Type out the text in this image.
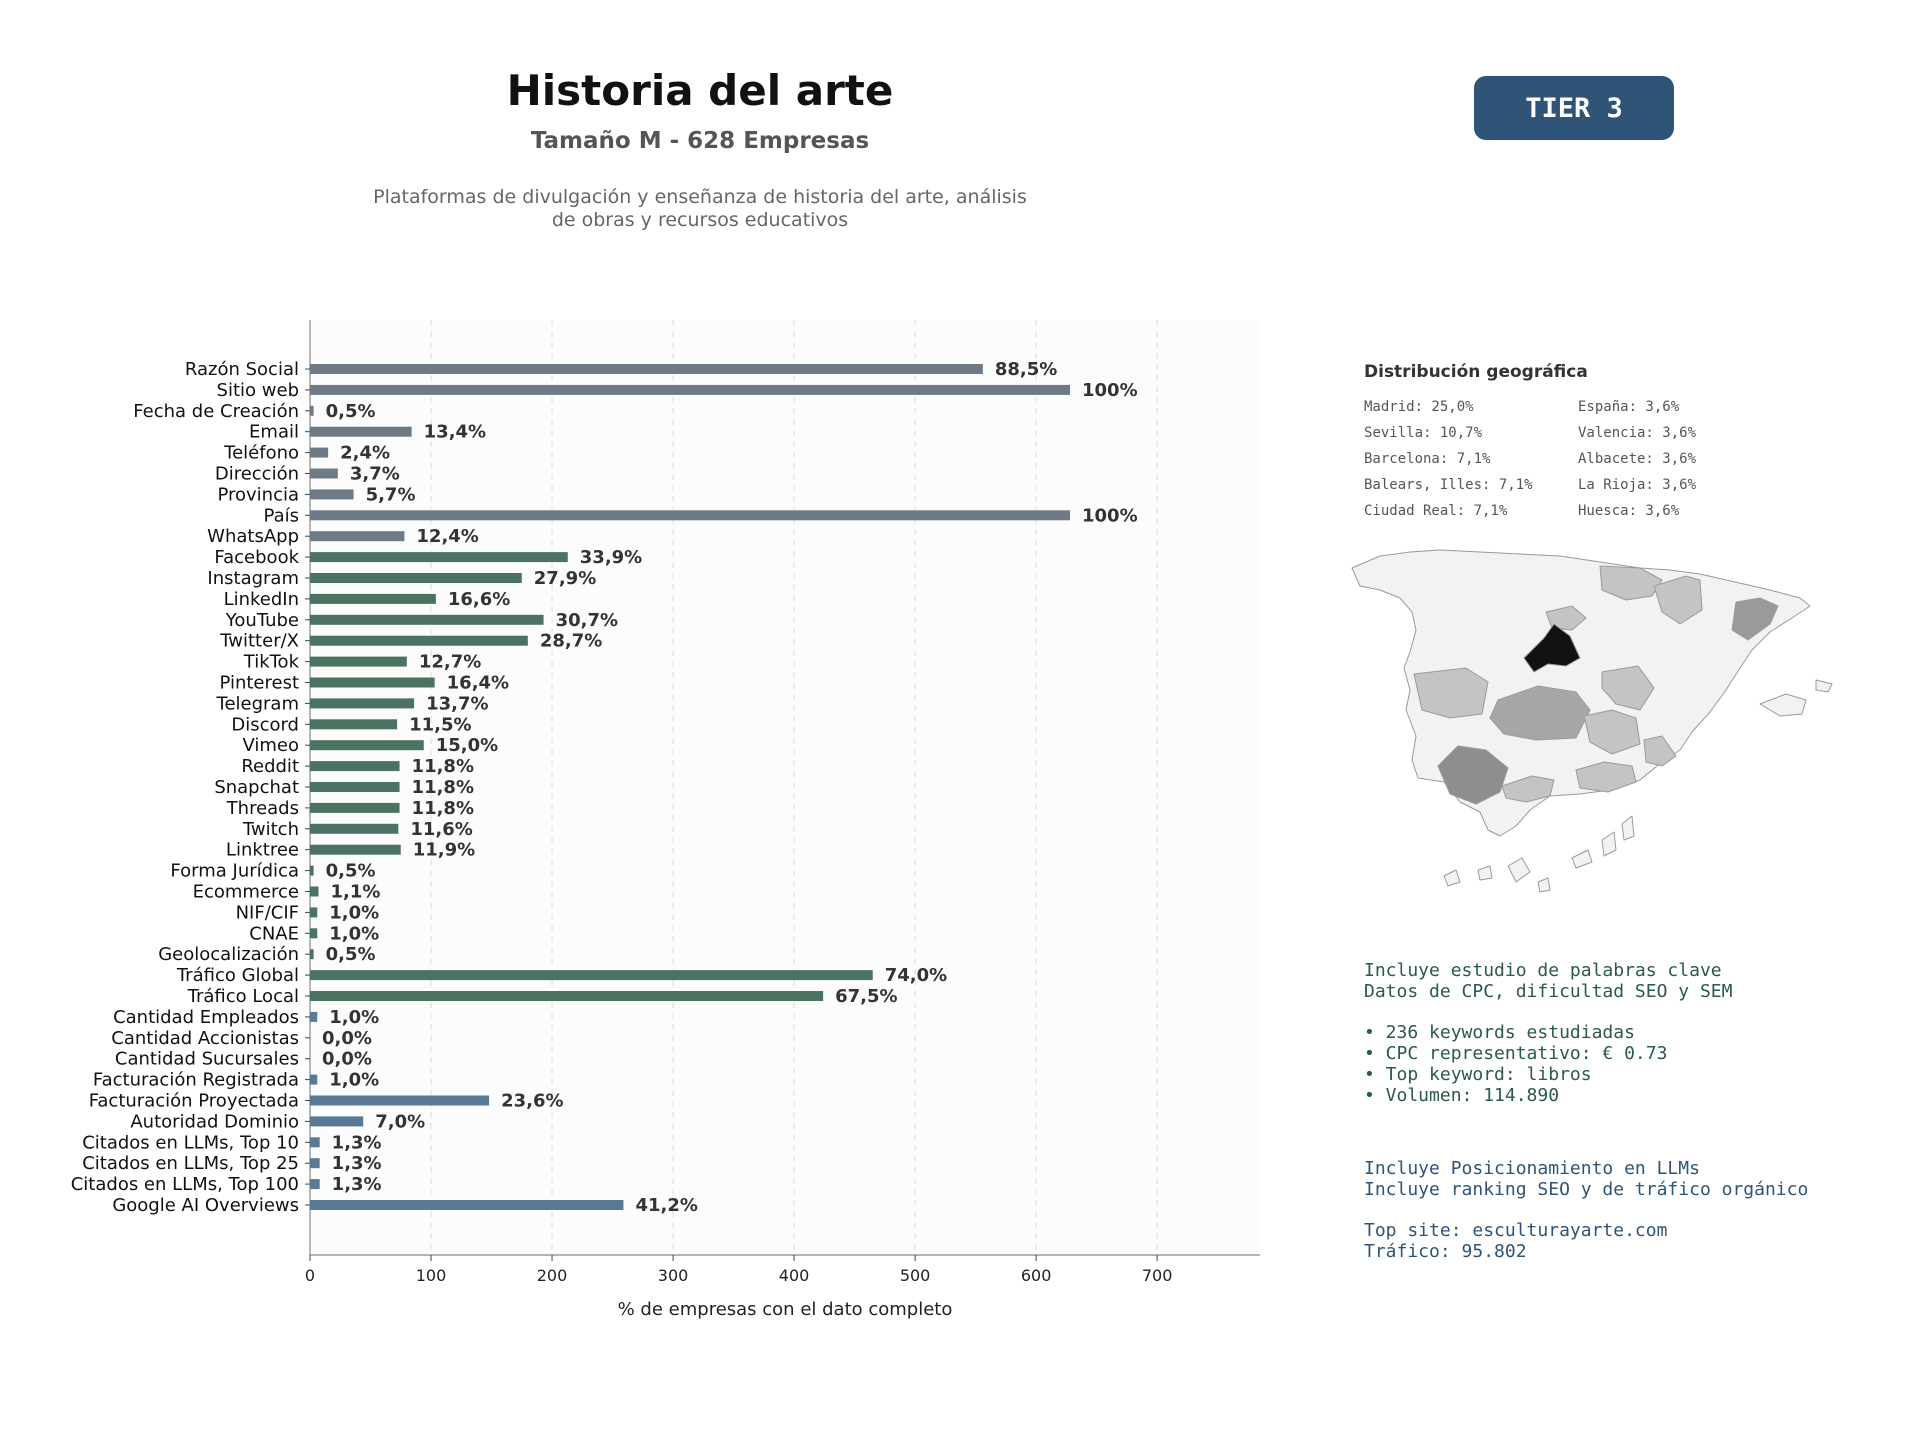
Historia del arte
Tamaño M - 628 Empresas
Plataformas de divulgación y enseñanza de historia del arte, análisis
de obras y recursos educativos
TIER 3
0	100	200	300	400	500	600	700
% de empresas con el dato completo
Razón Social	88,5%
Sitio web	100%
Fecha de Creación 0,5%
Email	13,4%
Teléfono 2,4%
Dirección	3,7%
Provincia	5,7%
País	100%
WhatsApp	12,4%
Facebook	33,9%
Instagram	27,9%
LinkedIn	16,6%
YouTube	30,7%
Twitter/X	28,7%
TikTok	12,7%
Pinterest	16,4%
Telegram	13,7%
Discord	11,5%
Vimeo	15,0%
Reddit	11,8%
Snapchat	11,8%
Threads	11,8%
Twitch	11,6%
Linktree	11,9%
Forma Jurídica 0,5%
Ecommerce 1,1%
NIF/CIF 1,0%
CNAE 1,0%
Geolocalización 0,5%
Tráfico Global	74,0%
Tráfico Local	67,5%
Cantidad Empleados 1,0%
Cantidad Accionistas 0,0%
Cantidad Sucursales 0,0%
Facturación Registrada 1,0%
Facturación Proyectada	23,6%
Autoridad Dominio	7,0%
Citados en LLMs, Top 10 1,3%
Citados en LLMs, Top 25 1,3%
Citados en LLMs, Top 100 1,3%
Google AI Overviews	41,2%
Distribución geográfica
Madrid: 25,0%	España: 3,6%
Sevilla: 10,7%	Valencia: 3,6%
Barcelona: 7,1%	Albacete: 3,6%
Balears, Illes: 7,1%	La Rioja: 3,6%
Ciudad Real: 7,1%	Huesca: 3,6%
Incluye estudio de palabras clave
Datos de CPC, dificultad SEO y SEM
• 236 keywords estudiadas
• CPC representativo: € 0.73
• Top keyword: libros
• Volumen: 114.890
Incluye Posicionamiento en LLMs
Incluye ranking SEO y de tráfico orgánico
Top site: esculturayarte.com
Tráfico: 95.802
